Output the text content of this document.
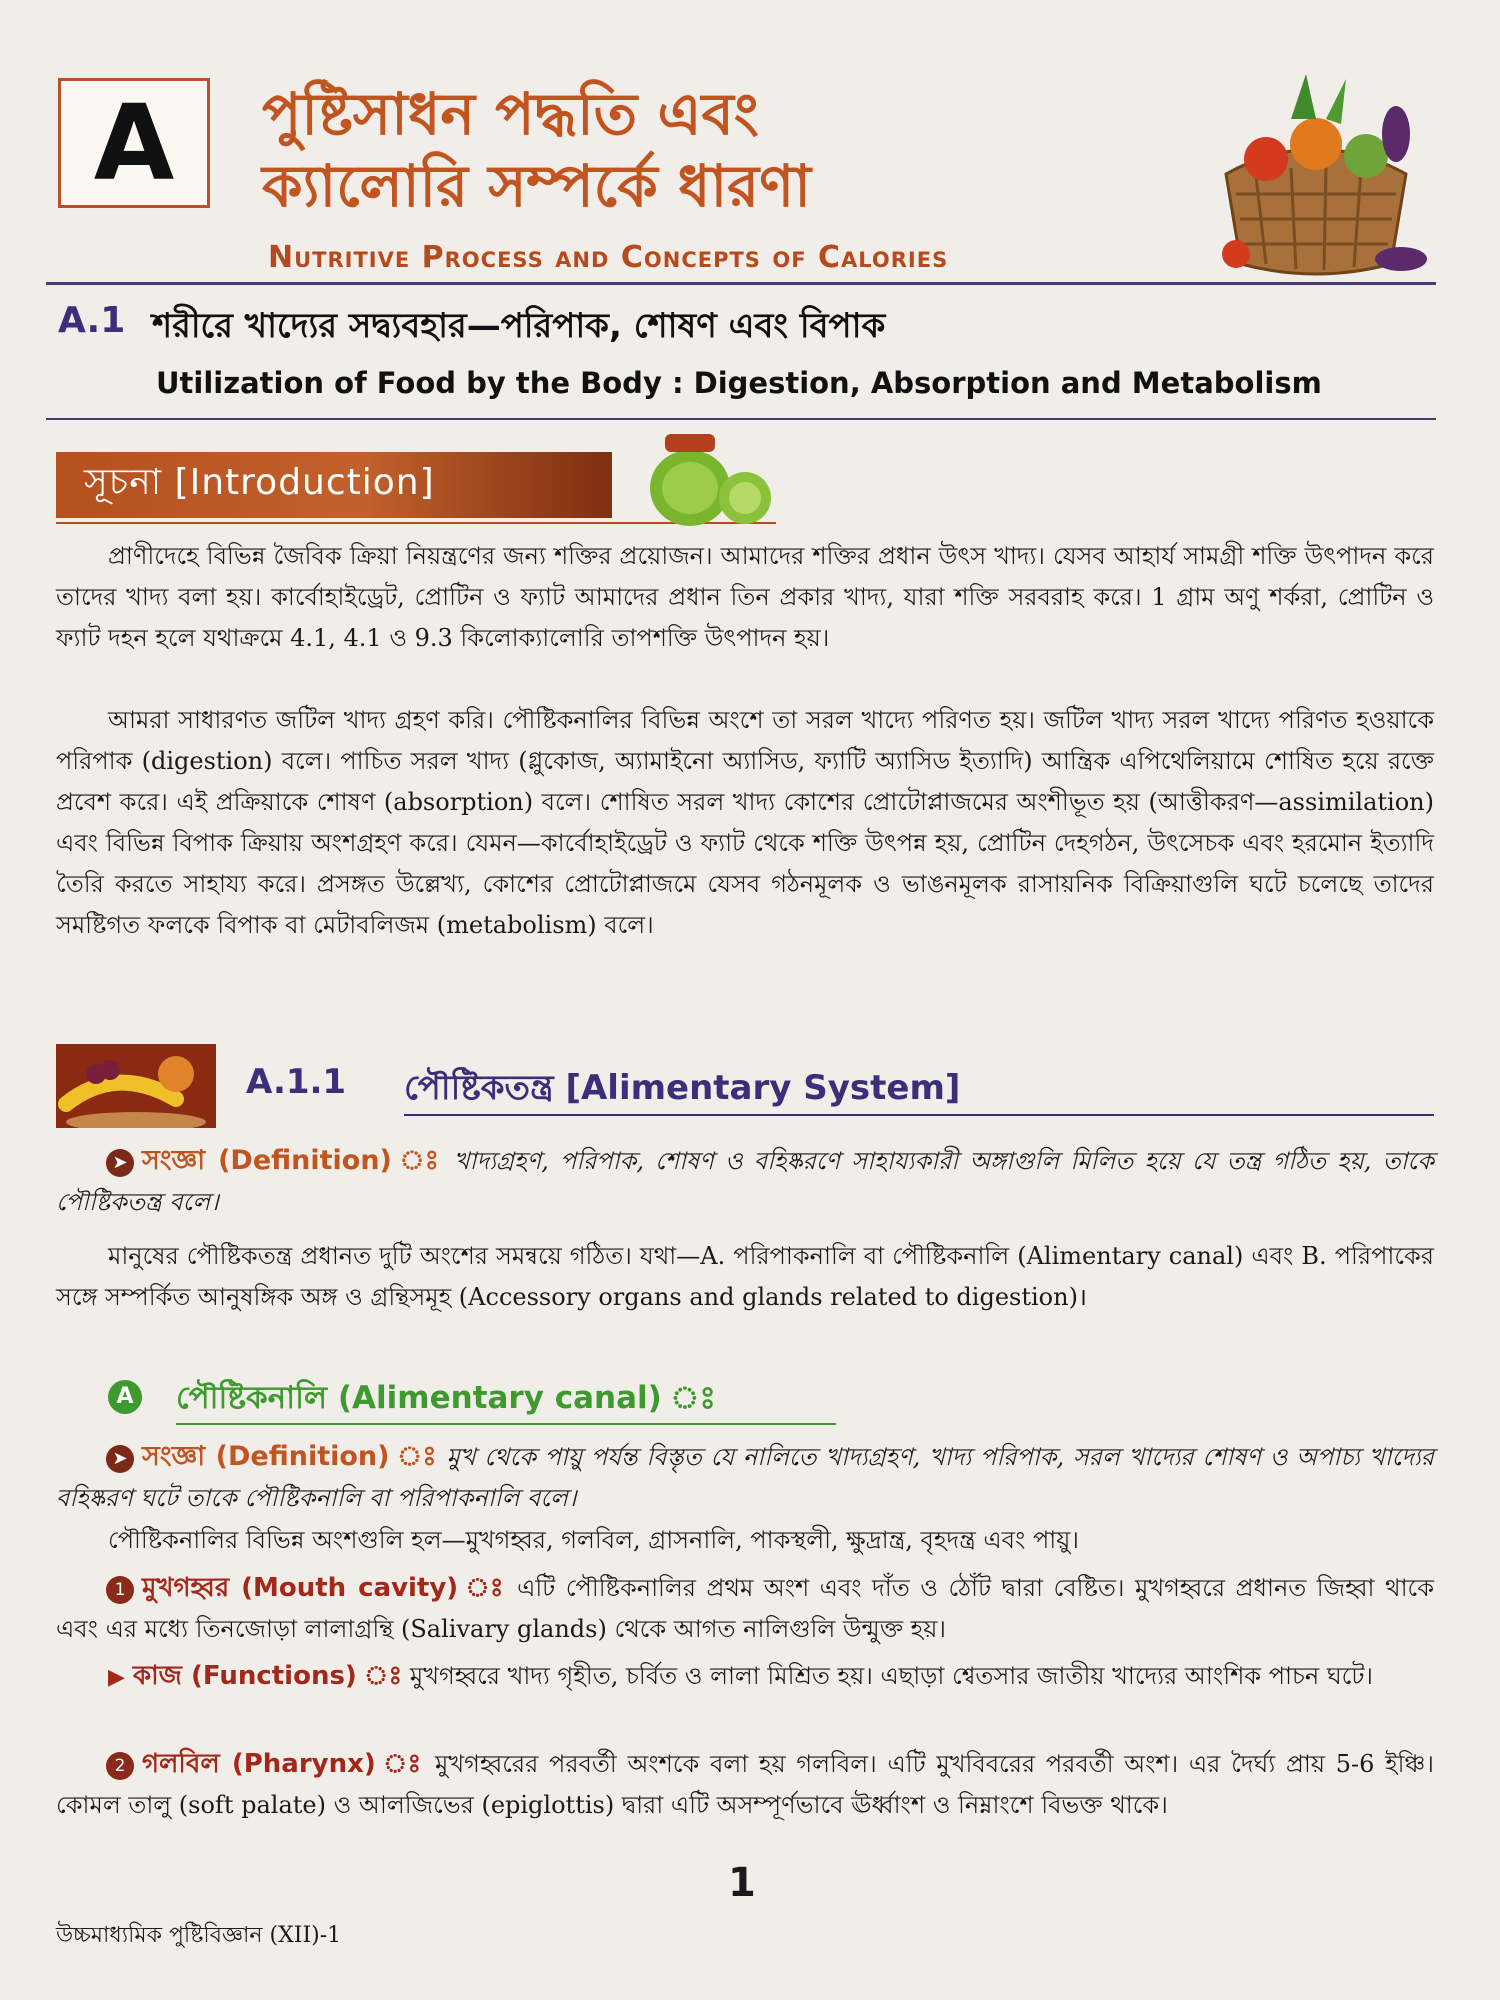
A পুষ্টিসাধন পদ্ধতি এবং
ক্যালোরি সম্পর্কে ধারণা
Nutritive Process and Concepts of Calories
A.1 শরীরে খাদ্যের সদ্ব্যবহার—পরিপাক, শোষণ এবং বিপাক
Utilization of Food by the Body : Digestion, Absorption and Metabolism
সূচনা [Introduction]
প্রাণীদেহে বিভিন্ন জৈবিক ক্রিয়া নিয়ন্ত্রণের জন্য শক্তির প্রয়োজন। আমাদের শক্তির প্রধান উৎস খাদ্য। যেসব আহার্য সামগ্রী শক্তি উৎপাদন করে তাদের খাদ্য বলা হয়। কার্বোহাইড্রেট, প্রোটিন ও ফ্যাট আমাদের প্রধান তিন প্রকার খাদ্য, যারা শক্তি সরবরাহ করে। 1 গ্রাম অণু শর্করা, প্রোটিন ও ফ্যাট দহন হলে যথাক্রমে 4.1, 4.1 ও 9.3 কিলোক্যালোরি তাপশক্তি উৎপাদন হয়।
আমরা সাধারণত জটিল খাদ্য গ্রহণ করি। পৌষ্টিকনালির বিভিন্ন অংশে তা সরল খাদ্যে পরিণত হয়। জটিল খাদ্য সরল খাদ্যে পরিণত হওয়াকে পরিপাক (digestion) বলে। পাচিত সরল খাদ্য (গ্লুকোজ, অ্যামাইনো অ্যাসিড, ফ্যাটি অ্যাসিড ইত্যাদি) আন্ত্রিক এপিথেলিয়ামে শোষিত হয়ে রক্তে প্রবেশ করে। এই প্রক্রিয়াকে শোষণ (absorption) বলে। শোষিত সরল খাদ্য কোশের প্রোটোপ্লাজমের অংশীভূত হয় (আত্তীকরণ—assimilation) এবং বিভিন্ন বিপাক ক্রিয়ায় অংশগ্রহণ করে। যেমন—কার্বোহাইড্রেট ও ফ্যাট থেকে শক্তি উৎপন্ন হয়, প্রোটিন দেহগঠন, উৎসেচক এবং হরমোন ইত্যাদি তৈরি করতে সাহায্য করে। প্রসঙ্গত উল্লেখ্য, কোশের প্রোটোপ্লাজমে যেসব গঠনমূলক ও ভাঙনমূলক রাসায়নিক বিক্রিয়াগুলি ঘটে চলেছে তাদের সমষ্টিগত ফলকে বিপাক বা মেটাবলিজম (metabolism) বলে।
A.1.1 পৌষ্টিকতন্ত্র [Alimentary System]
➤ সংজ্ঞা (Definition) ঃ খাদ্যগ্রহণ, পরিপাক, শোষণ ও বহিষ্করণে সাহায্যকারী অঙ্গাগুলি মিলিত হয়ে যে তন্ত্র গঠিত হয়, তাকে পৌষ্টিকতন্ত্র বলে।
মানুষের পৌষ্টিকতন্ত্র প্রধানত দুটি অংশের সমন্বয়ে গঠিত। যথা—A. পরিপাকনালি বা পৌষ্টিকনালি (Alimentary canal) এবং B. পরিপাকের সঙ্গে সম্পর্কিত আনুষঙ্গিক অঙ্গ ও গ্রন্থিসমূহ (Accessory organs and glands related to digestion)।
A পৌষ্টিকনালি (Alimentary canal) ঃ
➤ সংজ্ঞা (Definition) ঃ মুখ থেকে পায়ু পর্যন্ত বিস্তৃত যে নালিতে খাদ্যগ্রহণ, খাদ্য পরিপাক, সরল খাদ্যের শোষণ ও অপাচ্য খাদ্যের বহিষ্করণ ঘটে তাকে পৌষ্টিকনালি বা পরিপাকনালি বলে।
পৌষ্টিকনালির বিভিন্ন অংশগুলি হল—মুখগহ্বর, গলবিল, গ্রাসনালি, পাকস্থলী, ক্ষুদ্রান্ত্র, বৃহদন্ত্র এবং পায়ু।
1 মুখগহ্বর (Mouth cavity) ঃ এটি পৌষ্টিকনালির প্রথম অংশ এবং দাঁত ও ঠোঁট দ্বারা বেষ্টিত। মুখগহ্বরে প্রধানত জিহ্বা থাকে এবং এর মধ্যে তিনজোড়া লালাগ্রন্থি (Salivary glands) থেকে আগত নালিগুলি উন্মুক্ত হয়।
▶ কাজ (Functions) ঃ মুখগহ্বরে খাদ্য গৃহীত, চর্বিত ও লালা মিশ্রিত হয়। এছাড়া শ্বেতসার জাতীয় খাদ্যের আংশিক পাচন ঘটে।
2 গলবিল (Pharynx) ঃ মুখগহ্বরের পরবর্তী অংশকে বলা হয় গলবিল। এটি মুখবিবরের পরবর্তী অংশ। এর দৈর্ঘ্য প্রায় 5-6 ইঞ্চি। কোমল তালু (soft palate) ও আলজিভের (epiglottis) দ্বারা এটি অসম্পূর্ণভাবে ঊর্ধ্বাংশ ও নিম্নাংশে বিভক্ত থাকে।
1
উচ্চমাধ্যমিক পুষ্টিবিজ্ঞান (XII)-1
